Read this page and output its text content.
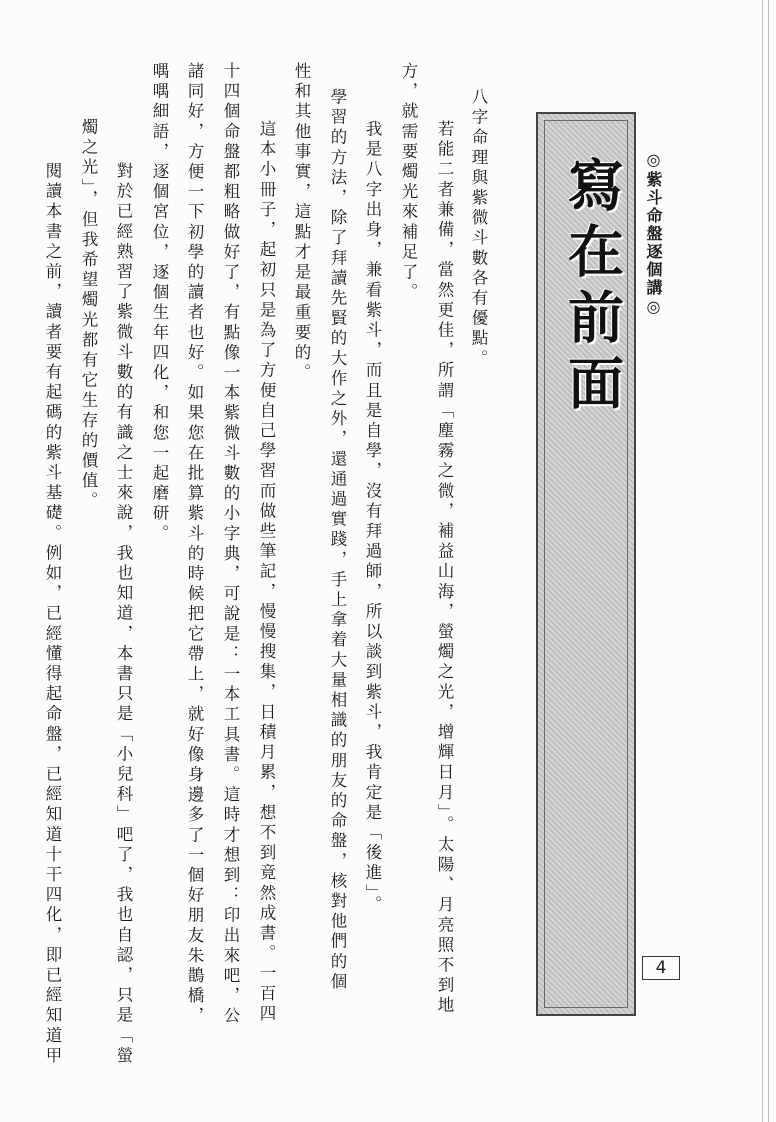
◎紫斗命盤逐個講◎
寫在前面
4
八字命理與紫微斗數各有優點。
若能二者兼備，當然更佳，所謂「塵霧之微，補益山海，螢燭之光，增輝日月」。太陽、月亮照不到地
方，就需要燭光來補足了。
我是八字出身，兼看紫斗，而且是自學，沒有拜過師，所以談到紫斗，我肯定是「後進」。
學習的方法，除了拜讀先賢的大作之外，還通過實踐，手上拿着大量相識的朋友的命盤，核對他們的個
性和其他事實，這點才是最重要的。
這本小冊子，起初只是為了方便自己學習而做些筆記，慢慢搜集，日積月累，想不到竟然成書。一百四
十四個命盤都粗略做好了，有點像一本紫微斗數的小字典，可說是：一本工具書。這時才想到：印出來吧，公
諸同好，方便一下初學的讀者也好。如果您在批算紫斗的時候把它帶上，就好像身邊多了一個好朋友朱鵲橋，
喁喁細語，逐個宮位，逐個生年四化，和您一起磨研。
對於已經熟習了紫微斗數的有識之士來說，我也知道，本書只是「小兒科」吧了，我也自認，只是「螢
燭之光」，但我希望燭光都有它生存的價值。
閱讀本書之前，讀者要有起碼的紫斗基礎。例如，已經懂得起命盤，已經知道十干四化，即已經知道甲
